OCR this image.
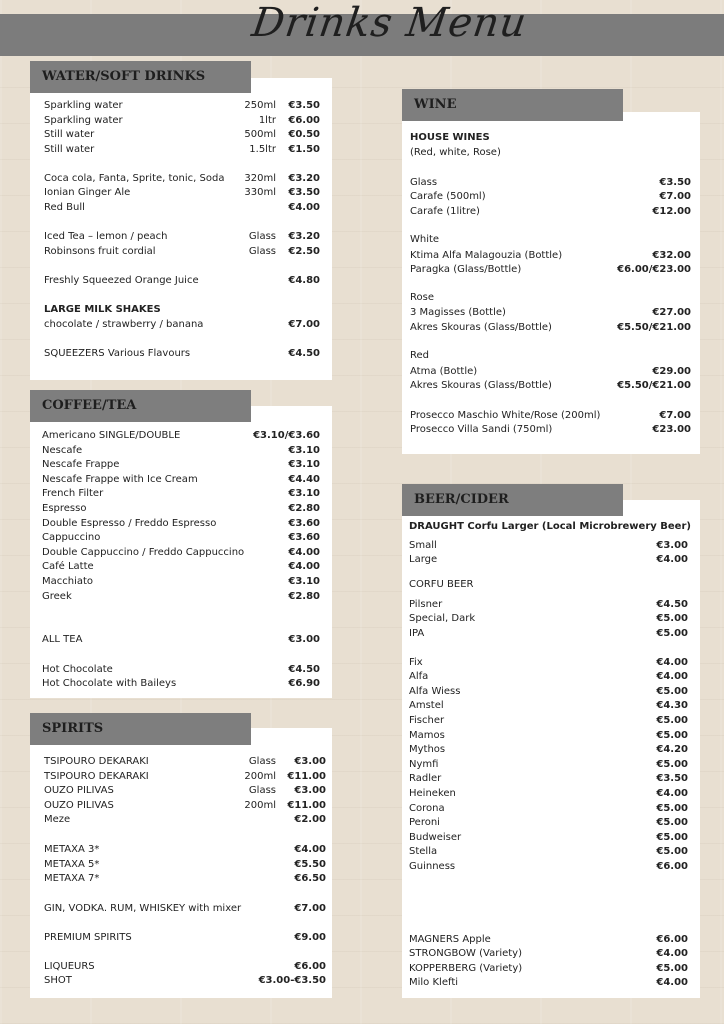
Drinks Menu
WATER/SOFT DRINKS
Sparkling water	250ml €3.50
Sparkling water	1ltr €6.00
Still water	500ml €0.50
Still water	1.5ltr €1.50
Coca cola, Fanta, Sprite, tonic, Soda 320ml €3.20
Ionian Ginger Ale	330ml €3.50
Red Bull	€4.00
Iced Tea – lemon / peach	Glass €3.20
Robinsons fruit cordial	Glass €2.50
Freshly Squeezed Orange Juice	€4.80
chocolate / strawberry / banana	€7.00
SQUEEZERS Various Flavours	€4.50
LARGE MILK SHAKES
COFFEE/TEA
Americano SINGLE/DOUBLE	€3.10/€3.60
Nescafe	€3.10
Nescafe Frappe	€3.10
Nescafe Frappe with Ice Cream	€4.40
French Filter	€3.10
Espresso	€2.80
Double Espresso / Freddo Espresso	€3.60
Cappuccino	€3.60
Double Cappuccino / Freddo Cappuccino	€4.00
Café Latte	€4.00
Macchiato	€3.10
Greek	€2.80
ALL TEA	€3.00
Hot Chocolate	€4.50
Hot Chocolate with Baileys	€6.90
SPIRITS
TSIPOURO DEKARAKI	Glass €3.00
TSIPOURO DEKARAKI	200ml €11.00
OUZO PILIVAS	Glass €3.00
OUZO PILIVAS	200ml €11.00
Meze	€2.00
METAXA 3*	€4.00
METAXA 5*	€5.50
METAXA 7*	€6.50
GIN, VODKA. RUM, WHISKEY with mixer	€7.00
PREMIUM SPIRITS	€9.00
LIQUEURS	€6.00
SHOT	€3.00-€3.50
WINE
HOUSE WINES
(Red, white, Rose)
Glass	€3.50
Carafe (500ml)	€7.00
Carafe (1litre)	€12.00
White
Ktima Alfa Malagouzia (Bottle)	€32.00
Paragka (Glass/Bottle)	€6.00/€23.00
Rose
3 Magisses (Bottle)	€27.00
Akres Skouras (Glass/Bottle)	€5.50/€21.00
Red
Atma (Bottle)	€29.00
Akres Skouras (Glass/Bottle)	€5.50/€21.00
Prosecco Maschio White/Rose (200ml)	€7.00
Prosecco Villa Sandi (750ml)	€23.00
BEER/CIDER
DRAUGHT Corfu Larger (Local Microbrewery Beer)
Small	€3.00
Large	€4.00
CORFU BEER
Pilsner	€4.50
Special, Dark	€5.00
IPA	€5.00
Fix	€4.00
Alfa	€4.00
Alfa Wiess	€5.00
Amstel	€4.30
Fischer	€5.00
Mamos	€5.00
Mythos	€4.20
Nymfi	€5.00
Radler	€3.50
Heineken	€4.00
Corona	€5.00
Peroni	€5.00
Budweiser	€5.00
Stella	€5.00
Guinness	€6.00
MAGNERS Apple	€6.00
STRONGBOW (Variety)	€4.00
KOPPERBERG (Variety)	€5.00
Milo Klefti	€4.00
